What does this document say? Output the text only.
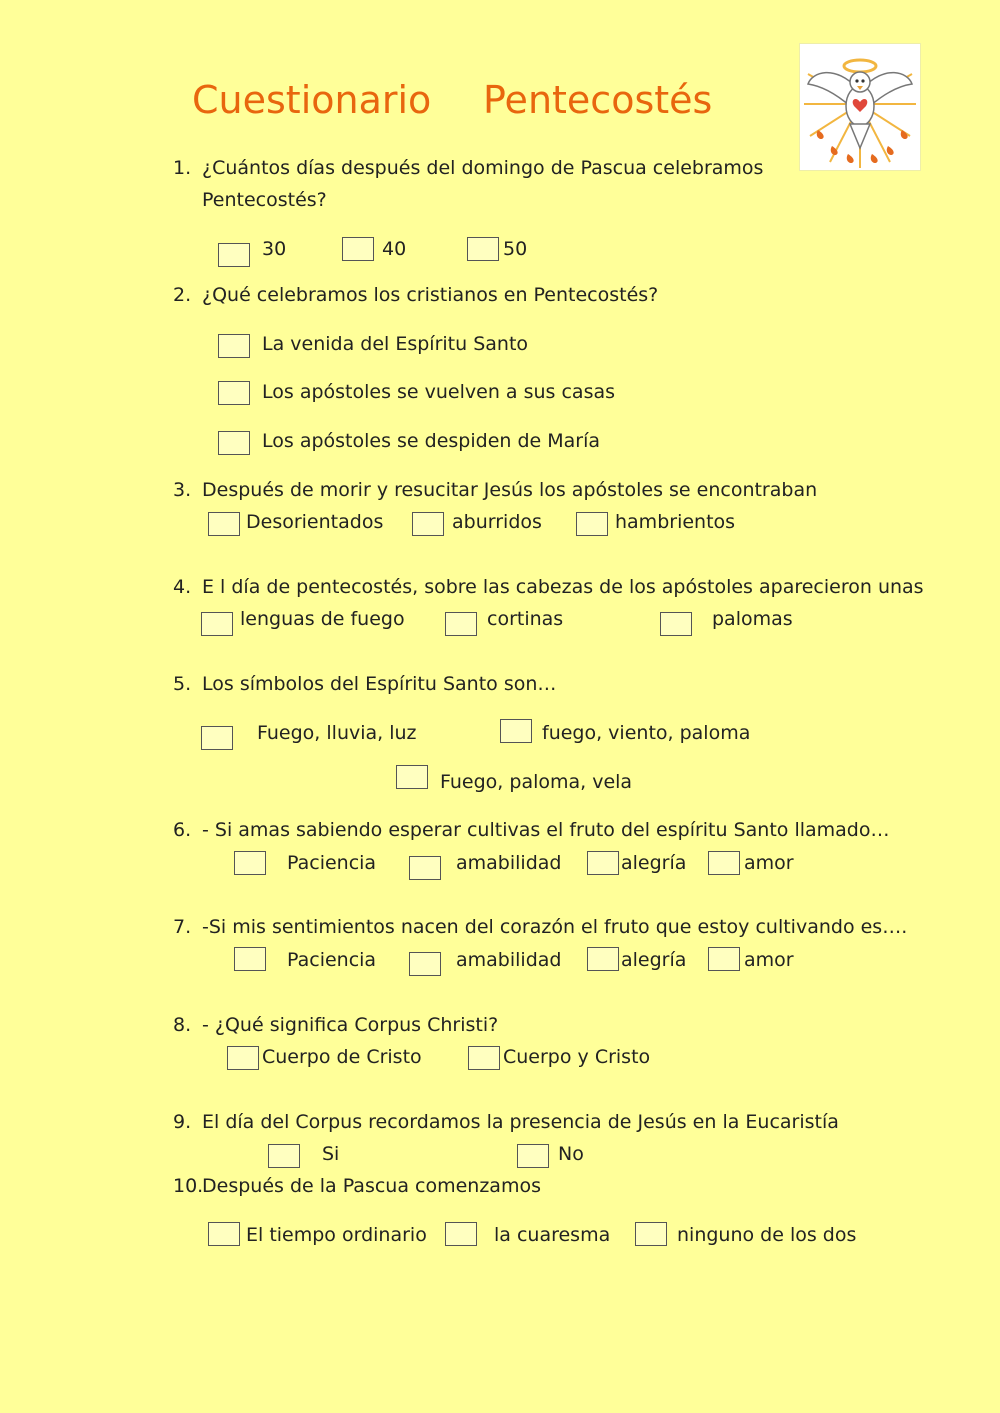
Cuestionario Pentecostés
1. ¿Cuántos días después del domingo de Pascua celebramos
Pentecostés?
30	40	50
2. ¿Qué celebramos los cristianos en Pentecostés?
La venida del Espíritu Santo
Los apóstoles se vuelven a sus casas
Los apóstoles se despiden de María
3. Después de morir y resucitar Jesús los apóstoles se encontraban
Desorientados	aburridos	hambrientos
4. E l día de pentecostés, sobre las cabezas de los apóstoles aparecieron unas
lenguas de fuego	cortinas	palomas
5. Los símbolos del Espíritu Santo son…
Fuego, lluvia, luz	fuego, viento, paloma
Fuego, paloma, vela
6. - Si amas sabiendo esperar cultivas el fruto del espíritu Santo llamado…
Paciencia	amabilidad	alegría	amor
7. -Si mis sentimientos nacen del corazón el fruto que estoy cultivando es….
Paciencia	amabilidad	alegría	amor
8. - ¿Qué significa Corpus Christi?
Cuerpo de Cristo	Cuerpo y Cristo
9. El día del Corpus recordamos la presencia de Jesús en la Eucaristía
Si	No
10.
Después de la Pascua comenzamos
El tiempo ordinario	la cuaresma	ninguno de los dos
